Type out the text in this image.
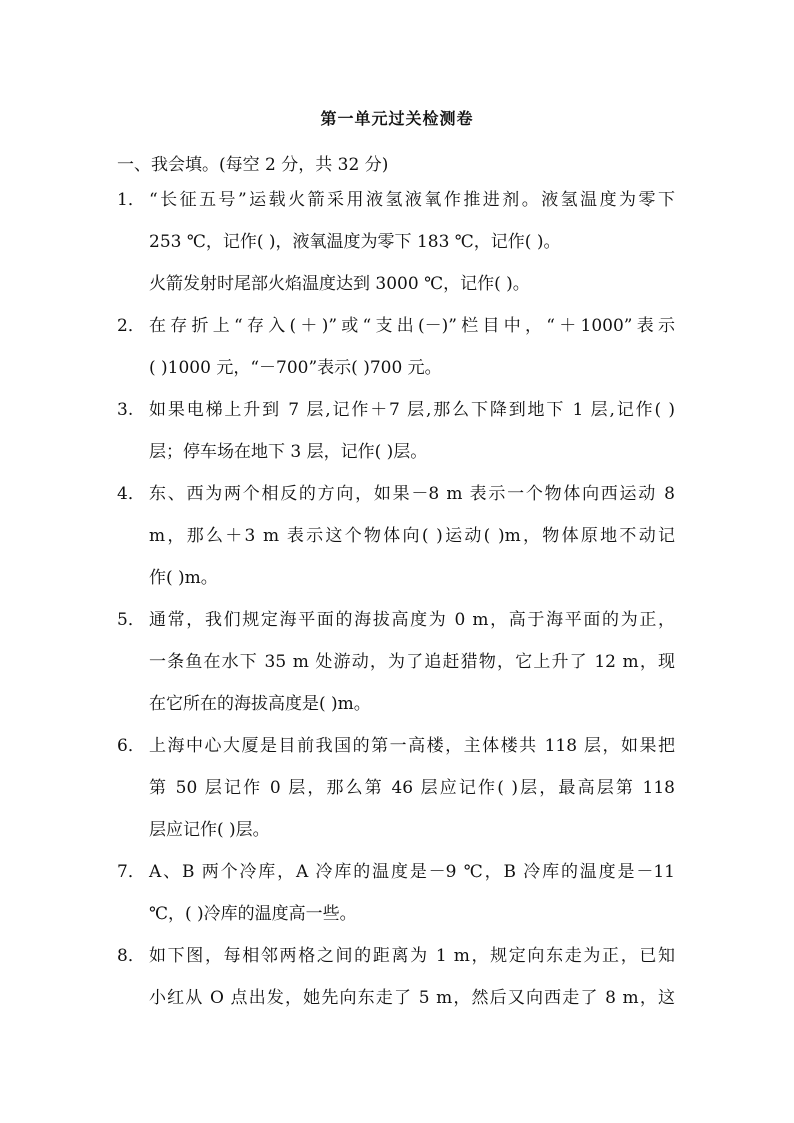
第一单元过关检测卷
一、我会填。(每空 2 分，共 32 分)
1． “长征五号”运载火箭采用液氢液氧作推进剂。液氢温度为零下
253 ℃，记作( )，液氧温度为零下 183 ℃，记作( )。
火箭发射时尾部火焰温度达到 3000 ℃，记作( )。
2． 在存折上“存入(＋)”或“支出(－)”栏目中，“＋1000”表示
( )1000 元，“－700”表示( )700 元。
3. 如果电梯上升到 7 层,记作＋7 层,那么下降到地下 1 层,记作( )
层；停车场在地下 3 层，记作( )层。
4． 东、西为两个相反的方向，如果－8 m 表示一个物体向西运动 8
m，那么＋3 m 表示这个物体向( )运动( )m，物体原地不动记
作( )m。
5． 通常，我们规定海平面的海拔高度为 0 m，高于海平面的为正，
一条鱼在水下 35 m 处游动，为了追赶猎物，它上升了 12 m，现
在它所在的海拔高度是( )m。
6． 上海中心大厦是目前我国的第一高楼，主体楼共 118 层，如果把
第 50 层记作 0 层，那么第 46 层应记作( )层，最高层第 118
层应记作( )层。
7． A、B 两个冷库，A 冷库的温度是－9 ℃，B 冷库的温度是－11
℃，( )冷库的温度高一些。
8． 如下图，每相邻两格之间的距离为 1 m，规定向东走为正，已知
小红从 O 点出发，她先向东走了 5 m，然后又向西走了 8 m，这
